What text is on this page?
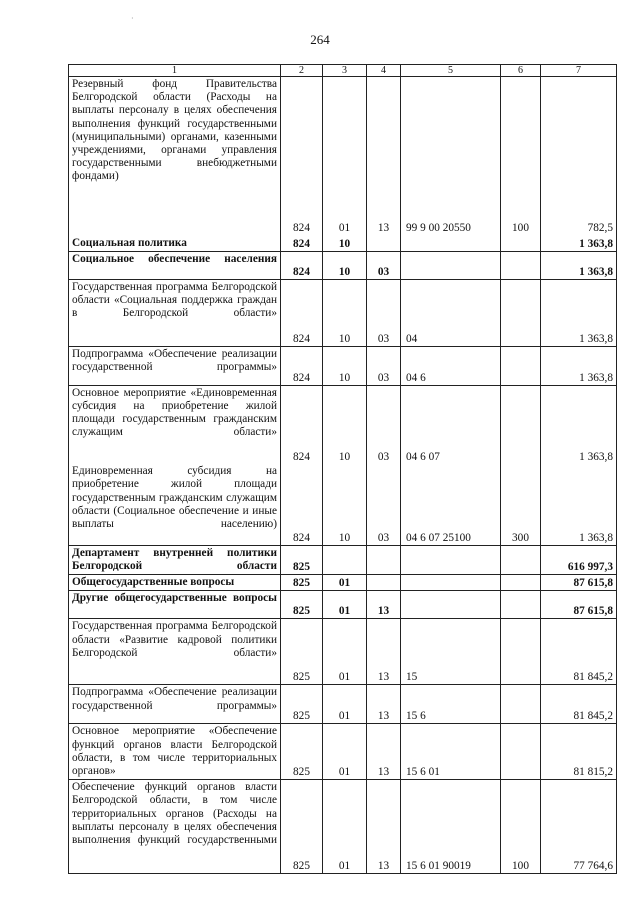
264
1	2	3	4	5	6	7
Резервный фонд Правительства Белгородской области (Расходы на выплаты персоналу в целях обеспечения выполнения функций государственными (муниципальными) органами, казенными учреждениями, органами управления государственными внебюджетными фондами)	824	01	13	99 9 00 20550	100	782,5
Социальная политика	824	10				1 363,8
Социальное обеспечение населения	824	10	03			1 363,8
Государственная программа Белгородской области «Социальная поддержка граждан в Белгородской области»	824	10	03	04		1 363,8
Подпрограмма «Обеспечение реализации государственной программы»	824	10	03	04 6		1 363,8
Основное мероприятие «Единовременная субсидия на приобретение жилой площади государственным гражданским служащим области»	824	10	03	04 6 07		1 363,8
Единовременная субсидия на приобретение жилой площади государственным гражданским служащим области (Социальное обеспечение и иные выплаты населению)	824	10	03	04 6 07 25100	300	1 363,8
Департамент внутренней политики Белгородской области	825					616 997,3
Общегосударственные вопросы	825	01				87 615,8
Другие общегосударственные вопросы	825	01	13			87 615,8
Государственная программа Белгородской области «Развитие кадровой политики Белгородской области»	825	01	13	15		81 845,2
Подпрограмма «Обеспечение реализации государственной программы»	825	01	13	15 6		81 845,2
Основное мероприятие «Обеспечение функций органов власти Белгородской области, в том числе территориальных органов»	825	01	13	15 6 01		81 815,2
Обеспечение функций органов власти Белгородской области, в том числе территориальных органов (Расходы на выплаты персоналу в целях обеспечения выполнения функций государственными	825	01	13	15 6 01 90019	100	77 764,6
·
